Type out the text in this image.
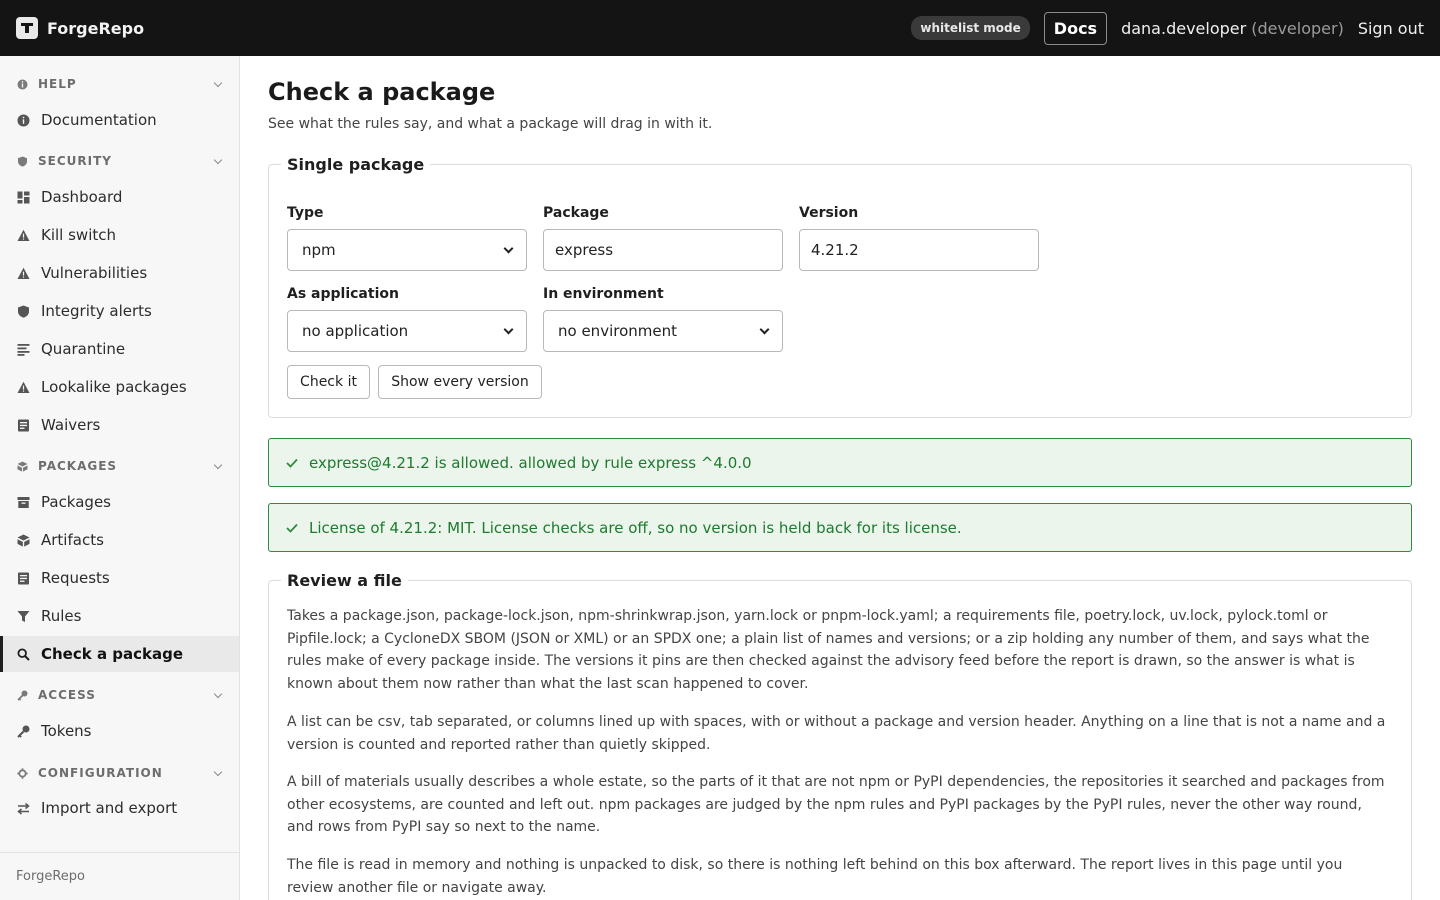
ForgeRepo	whitelist mode	Docs	dana.developer (developer) Sign out
HELP
Documentation
SECURITY
Dashboard
Kill switch
Vulnerabilities
Integrity alerts
Quarantine
Lookalike packages
Waivers
PACKAGES
Packages
Artifacts
Requests
Rules
Check a package
ACCESS
Tokens
CONFIGURATION
Import and export
ForgeRepo
Check a package

See what the rules say, and what a package will drag in with it.

Single package
Type
npm
Package
express
Version
4.21.2
As application
no application
In environment
no environment
Check it	Show every version
express@4.21.2 is allowed. allowed by rule express ^4.0.0
License of 4.21.2: MIT. License checks are off, so no version is held back for its license.
Review a file

Takes a package.json, package-lock.json, npm-shrinkwrap.json, yarn.lock or pnpm-lock.yaml; a requirements file, poetry.lock, uv.lock, pylock.toml or Pipfile.lock; a CycloneDX SBOM (JSON or XML) or an SPDX one; a plain list of names and versions; or a zip holding any number of them, and says what the rules make of every package inside. The versions it pins are then checked against the advisory feed before the report is drawn, so the answer is what is known about them now rather than what the last scan happened to cover.

A list can be csv, tab separated, or columns lined up with spaces, with or without a package and version header. Anything on a line that is not a name and a version is counted and reported rather than quietly skipped.

A bill of materials usually describes a whole estate, so the parts of it that are not npm or PyPI dependencies, the repositories it searched and packages from other ecosystems, are counted and left out. npm packages are judged by the npm rules and PyPI packages by the PyPI rules, never the other way round, and rows from PyPI say so next to the name.

The file is read in memory and nothing is unpacked to disk, so there is nothing left behind on this box afterward. The report lives in this page until you review another file or navigate away.
